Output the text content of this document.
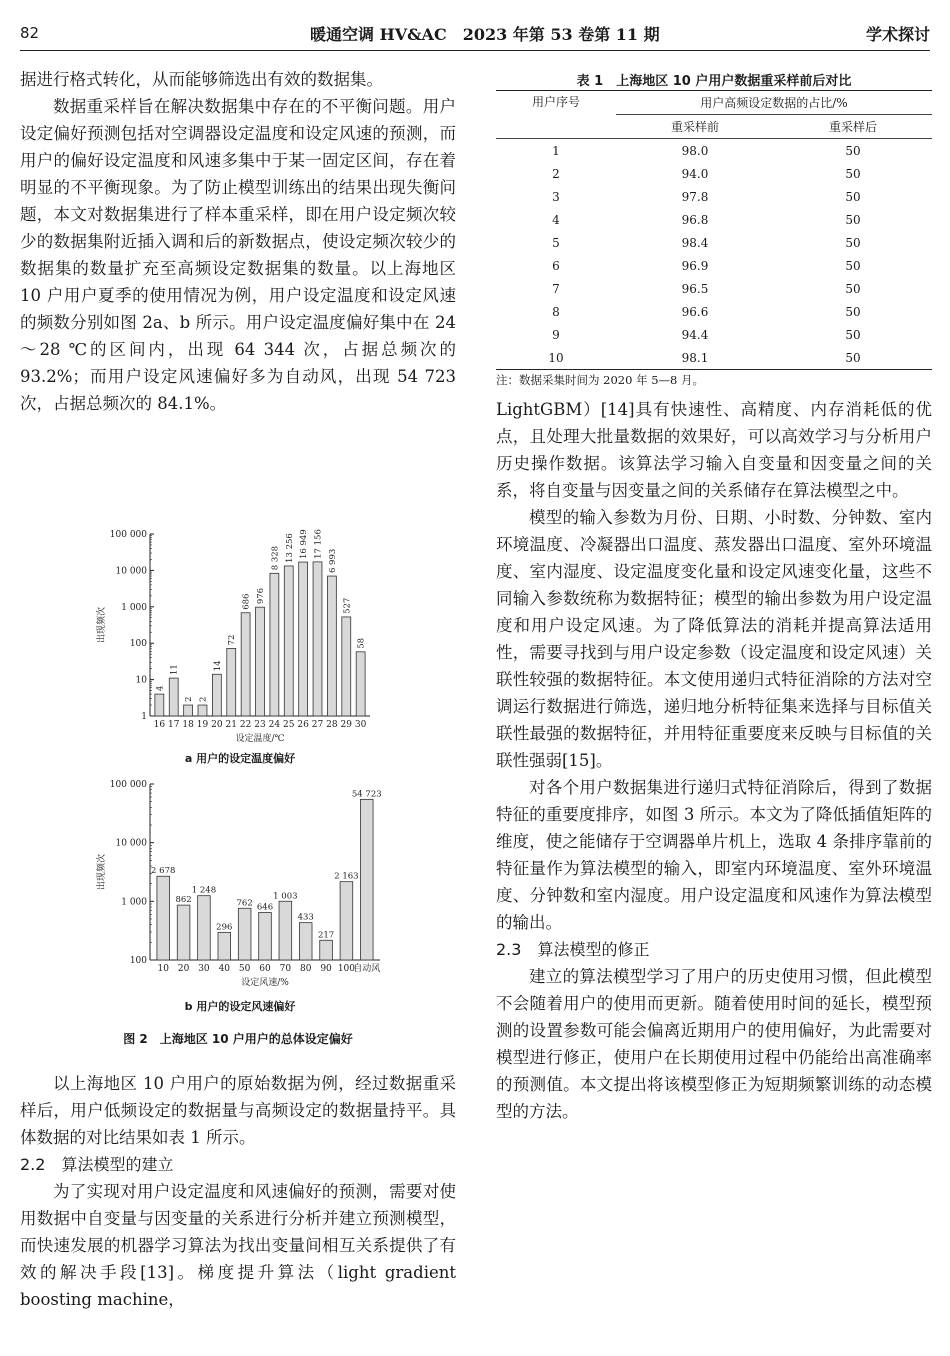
82	暖通空调 HV&AC　2023 年第 53 卷第 11 期	学术探讨

据进行格式转化，从而能够筛选出有效的数据集。

数据重采样旨在解决数据集中存在的不平衡问题。用户设定偏好预测包括对空调器设定温度和设定风速的预测，而用户的偏好设定温度和风速多集中于某一固定区间，存在着明显的不平衡现象。为了防止模型训练出的结果出现失衡问题，本文对数据集进行了样本重采样，即在用户设定频次较少的数据集附近插入调和后的新数据点，使设定频次较少的数据集的数量扩充至高频设定数据集的数量。以上海地区 10 户用户夏季的使用情况为例，用户设定温度和设定风速的频数分别如图 2a、b 所示。用户设定温度偏好集中在 24～28 ℃的区间内，出现 64 344 次，占据总频次的 93.2%；而用户设定风速偏好多为自动风，出现 54 723 次，占据总频次的 84.1%。

1
10
100
1 000
10 000
100 000
4
16
11
17
2
18
2
19
14
20
72
21
686
22
976
23
8 328
24
13 256
25
16 949
26
17 156
27
6 993
28
527
29
58
30
设定温度/℃
出现频次
a 用户的设定温度偏好
100
1 000
10 000
100 000
2 678
10
862
20
1 248
30
296
40
762
50
646
60
1 003
70
433
80
217
90
2 163
100
54 723
自动风
设定风速/%
出现频次
b 用户的设定风速偏好
图 2　上海地区 10 户用户的总体设定偏好

以上海地区 10 户用户的原始数据为例，经过数据重采样后，用户低频设定的数据量与高频设定的数据量持平。具体数据的对比结果如表 1 所示。

2.2　算法模型的建立

为了实现对用户设定温度和风速偏好的预测，需要对使用数据中自变量与因变量的关系进行分析并建立预测模型，而快速发展的机器学习算法为找出变量间相互关系提供了有效的解决手段[13]。梯度提升算法（light gradient boosting machine，

表 1　上海地区 10 户用户数据重采样前后对比
用户序号	用户高频设定数据的占比/%	
	重采样前	重采样后
1	98.0	50
2	94.0	50
3	97.8	50
4	96.8	50
5	98.4	50
6	96.9	50
7	96.5	50
8	96.6	50
9	94.4	50
10	98.1	50
注：数据采集时间为 2020 年 5—8 月。

LightGBM）[14]具有快速性、高精度、内存消耗低的优点，且处理大批量数据的效果好，可以高效学习与分析用户历史操作数据。该算法学习输入自变量和因变量之间的关系，将自变量与因变量之间的关系储存在算法模型之中。

模型的输入参数为月份、日期、小时数、分钟数、室内环境温度、冷凝器出口温度、蒸发器出口温度、室外环境温度、室内湿度、设定温度变化量和设定风速变化量，这些不同输入参数统称为数据特征；模型的输出参数为用户设定温度和用户设定风速。为了降低算法的消耗并提高算法适用性，需要寻找到与用户设定参数（设定温度和设定风速）关联性较强的数据特征。本文使用递归式特征消除的方法对空调运行数据进行筛选，递归地分析特征集来选择与目标值关联性最强的数据特征，并用特征重要度来反映与目标值的关联性强弱[15]。

对各个用户数据集进行递归式特征消除后，得到了数据特征的重要度排序，如图 3 所示。本文为了降低插值矩阵的维度，使之能储存于空调器单片机上，选取 4 条排序靠前的特征量作为算法模型的输入，即室内环境温度、室外环境温度、分钟数和室内湿度。用户设定温度和风速作为算法模型的输出。

2.3　算法模型的修正

建立的算法模型学习了用户的历史使用习惯，但此模型不会随着用户的使用而更新。随着使用时间的延长，模型预测的设置参数可能会偏离近期用户的使用偏好，为此需要对模型进行修正，使用户在长期使用过程中仍能给出高准确率的预测值。本文提出将该模型修正为短期频繁训练的动态模型的方法。
